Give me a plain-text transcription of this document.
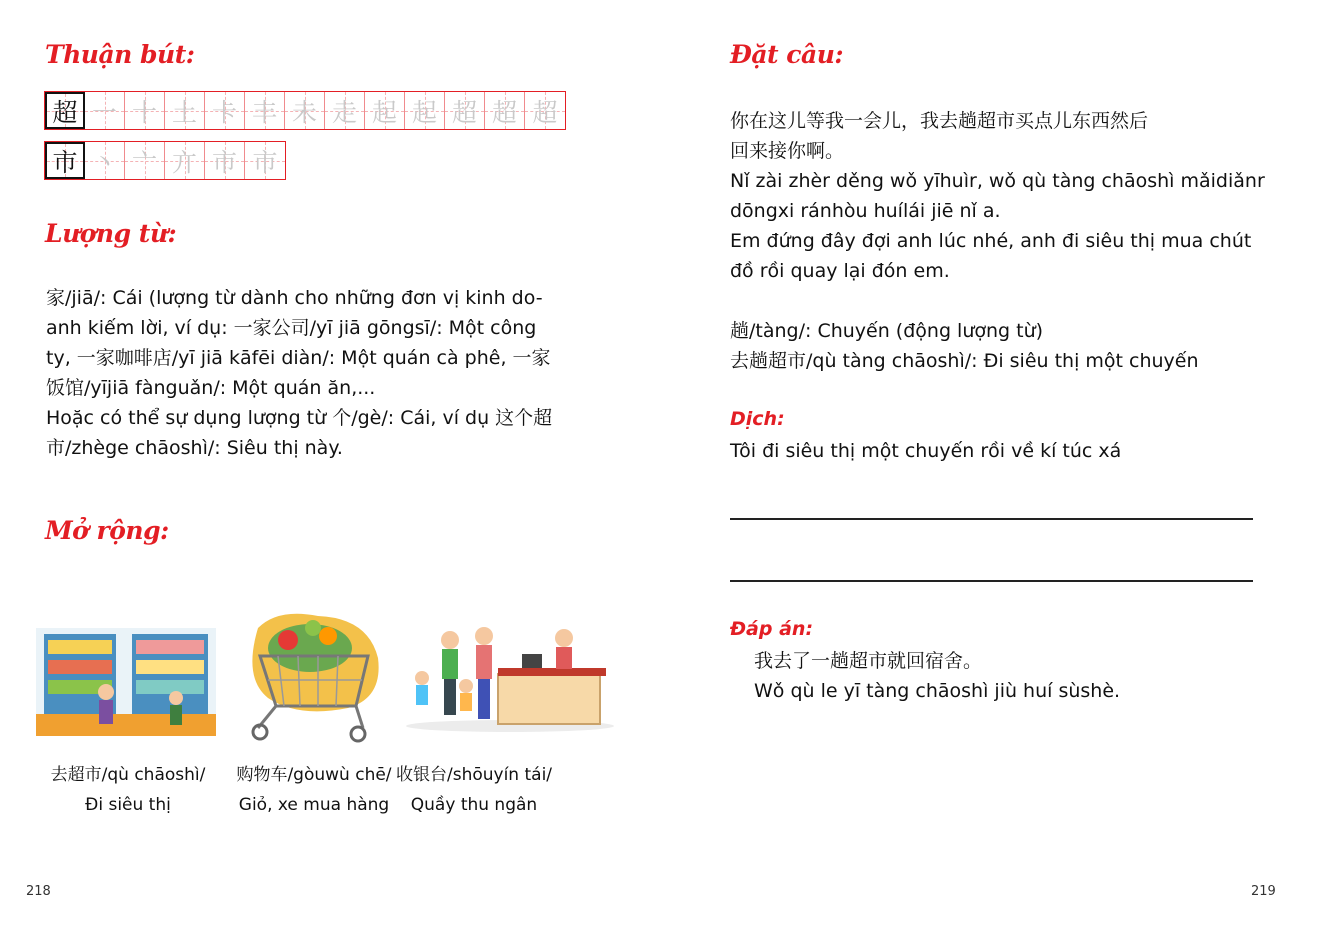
Thuận bút:
超 一 十 土 卡 丰 未 走 起 起 超 超 超
市 丶 亠 亣 市 市
Lượng từ:
家/jiā/: Cái (lượng từ dành cho những đơn vị kinh do-
anh kiếm lời, ví dụ: 一家公司/yī jiā gōngsī/: Một công
ty, 一家咖啡店/yī jiā kāfēi diàn/: Một quán cà phê, 一家
饭馆/yījiā fànguǎn/: Một quán ăn,...
Hoặc có thể sự dụng lượng từ 个/gè/: Cái, ví dụ 这个超
市/zhège chāoshì/: Siêu thị này.
Mở rộng:
去超市/qù chāoshì/
Đi siêu thị
购物车/gòuwù chē/
Giỏ, xe mua hàng
收银台/shōuyín tái/
Quầy thu ngân
218
Đặt câu:
你在这儿等我一会儿，我去趟超市买点儿东西然后
回来接你啊。
Nǐ zài zhèr děng wǒ yīhuìr, wǒ qù tàng chāoshì mǎidiǎnr
dōngxi ránhòu huílái jiē nǐ a.
Em đứng đây đợi anh lúc nhé, anh đi siêu thị mua chút
đồ rồi quay lại đón em.
趟/tàng/: Chuyến (động lượng từ)
去趟超市/qù tàng chāoshì/: Đi siêu thị một chuyến
Dịch:
Tôi đi siêu thị một chuyến rồi về kí túc xá
Đáp án:
我去了一趟超市就回宿舍。
Wǒ qù le yī tàng chāoshì jiù huí sùshè.
219
